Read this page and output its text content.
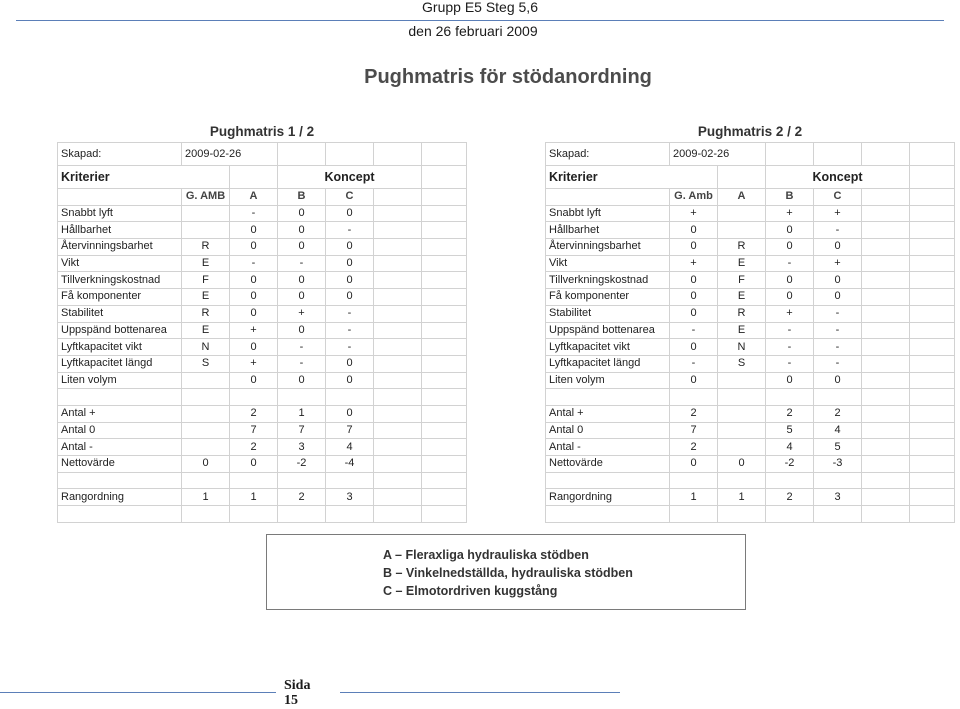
Grupp E5 Steg 5,6
den 26 februari 2009
Pughmatris för stödanordning
Pughmatris 1 / 2	Pughmatris 2 / 2
Skapad:	2009-02-26					
Kriterier			Koncept			
	G. AMB	A	B	C		
Snabbt lyft		-	0	0		
Hållbarhet		0	0	-		
Återvinningsbarhet	R	0	0	0		
Vikt	E	-	-	0		
Tillverkningskostnad	F	0	0	0		
Få komponenter	E	0	0	0		
Stabilitet	R	0	+	-		
Uppspänd bottenarea	E	+	0	-		
Lyftkapacitet vikt	N	0	-	-		
Lyftkapacitet längd	S	+	-	0		
Liten volym		0	0	0		

Antal +		2	1	0		
Antal 0		7	7	7		
Antal -		2	3	4		
Nettovärde	0	0	-2	-4		

Rangordning	1	1	2	3		

Skapad:	2009-02-26					
Kriterier			Koncept			
	G. Amb	A	B	C		
Snabbt lyft	+		+	+		
Hållbarhet	0		0	-		
Återvinningsbarhet	0	R	0	0		
Vikt	+	E	-	+		
Tillverkningskostnad	0	F	0	0		
Få komponenter	0	E	0	0		
Stabilitet	0	R	+	-		
Uppspänd bottenarea	-	E	-	-		
Lyftkapacitet vikt	0	N	-	-		
Lyftkapacitet längd	-	S	-	-		
Liten volym	0		0	0		

Antal +	2		2	2		
Antal 0	7		5	4		
Antal -	2		4	5		
Nettovärde	0	0	-2	-3		

Rangordning	1	1	2	3		

A – Fleraxliga hydrauliska stödben
B – Vinkelnedställda, hydrauliska stödben
C – Elmotordriven kuggstång
Sida
15
